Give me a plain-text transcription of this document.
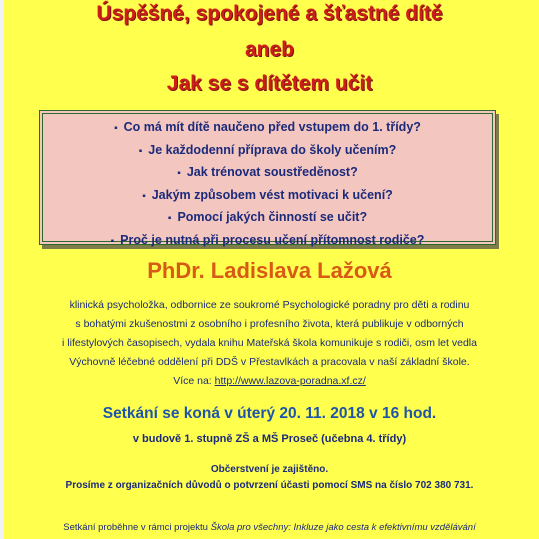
Úspěšné, spokojené a šťastné dítě
aneb
Jak se s dítětem učit
▪ Co má mít dítě naučeno před vstupem do 1. třídy?
▪ Je každodenní příprava do školy učením?
▪ Jak trénovat soustředěnost?
▪ Jakým způsobem vést motivaci k učení?
▪ Pomocí jakých činností se učit?
▪ Proč je nutná při procesu učení přítomnost rodiče?
PhDr. Ladislava Lažová
klinická psycholožka, odbornice ze soukromé Psychologické poradny pro děti a rodinu
s bohatými zkušenostmi z osobního i profesního života, která publikuje v odborných
i lifestylových časopisech, vydala knihu Mateřská škola komunikuje s rodiči, osm let vedla
Výchovně léčebné oddělení při DDŠ v Přestavlkách a pracovala v naší základní škole.
Více na: http://www.lazova-poradna.xf.cz/
Setkání se koná v úterý 20. 11. 2018 v 16 hod.
v budově 1. stupně ZŠ a MŠ Proseč (učebna 4. třídy)
Občerstvení je zajištěno.
Prosíme z organizačních důvodů o potvrzení účasti pomocí SMS na číslo 702 380 731.
Setkání proběhne v rámci projektu Škola pro všechny: Inkluze jako cesta k efektivnímu vzdělávání
